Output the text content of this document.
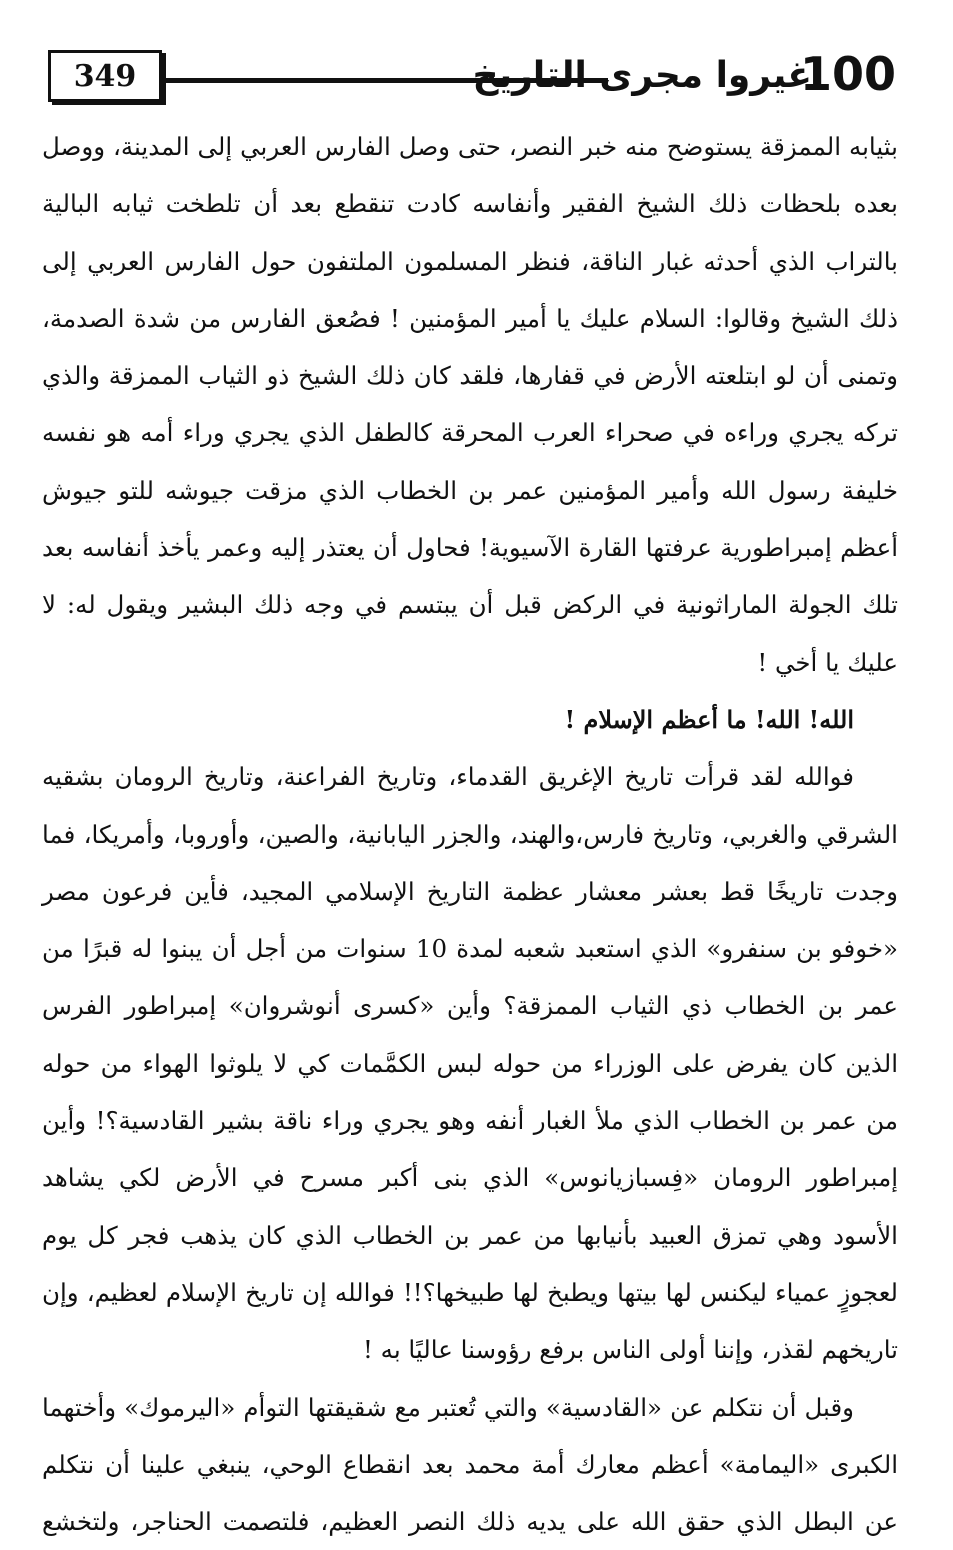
349	غيروا مجرى التاريخ
100

بثيابه الممزقة يستوضح منه خبر النصر، حتى وصل الفارس العربي إلى المدينة، ووصل بعده بلحظات ذلك الشيخ الفقير وأنفاسه كادت تنقطع بعد أن تلطخت ثيابه البالية بالتراب الذي أحدثه غبار الناقة، فنظر المسلمون الملتفون حول الفارس العربي إلى ذلك الشيخ وقالوا: السلام عليك يا أمير المؤمنين ! فصُعق الفارس من شدة الصدمة، وتمنى أن لو ابتلعته الأرض في قفارها، فلقد كان ذلك الشيخ ذو الثياب الممزقة والذي تركه يجري وراءه في صحراء العرب المحرقة كالطفل الذي يجري وراء أمه هو نفسه خليفة رسول الله وأمير المؤمنين عمر بن الخطاب الذي مزقت جيوشه للتو جيوش أعظم إمبراطورية عرفتها القارة الآسيوية! فحاول أن يعتذر إليه وعمر يأخذ أنفاسه بعد تلك الجولة الماراثونية في الركض قبل أن يبتسم في وجه ذلك البشير ويقول له: لا عليك يا أخي !

الله! الله! ما أعظم الإسلام !

فوالله لقد قرأت تاريخ الإغريق القدماء، وتاريخ الفراعنة، وتاريخ الرومان بشقيه الشرقي والغربي، وتاريخ فارس،والهند، والجزر اليابانية، والصين، وأوروبا، وأمريكا، فما وجدت تاريخًا قط بعشر معشار عظمة التاريخ الإسلامي المجيد، فأين فرعون مصر «خوفو بن سنفرو» الذي استعبد شعبه لمدة 10 سنوات من أجل أن يبنوا له قبرًا من عمر بن الخطاب ذي الثياب الممزقة؟ وأين «كسرى أنوشروان» إمبراطور الفرس الذين كان يفرض على الوزراء من حوله لبس الكمَّمات كي لا يلوثوا الهواء من حوله من عمر بن الخطاب الذي ملأ الغبار أنفه وهو يجري وراء ناقة بشير القادسية؟! وأين إمبراطور الرومان «فِسبازيانوس» الذي بنى أكبر مسرح في الأرض لكي يشاهد الأسود وهي تمزق العبيد بأنيابها من عمر بن الخطاب الذي كان يذهب فجر كل يوم لعجوزٍ عمياء ليكنس لها بيتها ويطبخ لها طبيخها؟!! فوالله إن تاريخ الإسلام لعظيم، وإن تاريخهم لقذر، وإننا أولى الناس برفع رؤوسنا عاليًا به !

وقبل أن نتكلم عن «القادسية» والتي تُعتبر مع شقيقتها التوأم «اليرموك» وأختهما الكبرى «اليمامة» أعظم معارك أمة محمد بعد انقطاع الوحي، ينبغي علينا أن نتكلم عن البطل الذي حقق الله على يديه ذلك النصر العظيم، فلتصمت الحناجر، ولتخشع
